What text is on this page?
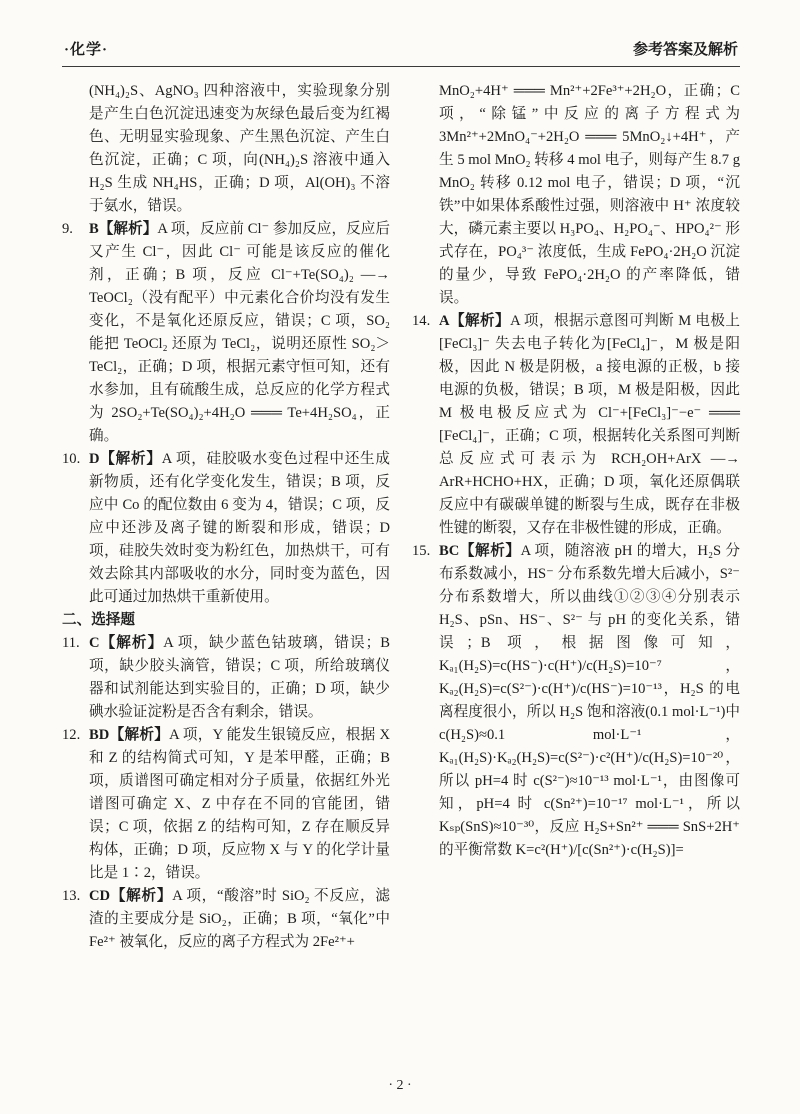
·化学·	参考答案及解析
(NH₄)₂S、AgNO₃ 四种溶液中，实验现象分别是产生白色沉淀迅速变为灰绿色最后变为红褐色、无明显实验现象、产生黑色沉淀、产生白色沉淀，正确；C 项，向(NH₄)₂S 溶液中通入 H₂S 生成 NH₄HS，正确；D 项，Al(OH)₃ 不溶于氨水，错误。
9. B【解析】A 项，反应前 Cl⁻ 参加反应，反应后又产生 Cl⁻，因此 Cl⁻ 可能是该反应的催化剂，正确；B 项，反应 Cl⁻+Te(SO₄)₂ —→ TeOCl₂（没有配平）中元素化合价均没有发生变化，不是氧化还原反应，错误；C 项，SO₂ 能把 TeOCl₂ 还原为 TeCl₂，说明还原性 SO₂＞TeCl₂，正确；D 项，根据元素守恒可知，还有水参加，且有硫酸生成，总反应的化学方程式为 2SO₂+Te(SO₄)₂+4H₂O ═══ Te+4H₂SO₄，正确。
10. D【解析】A 项，硅胶吸水变色过程中还生成新物质，还有化学变化发生，错误；B 项，反应中 Co 的配位数由 6 变为 4，错误；C 项，反应中还涉及离子键的断裂和形成，错误；D 项，硅胶失效时变为粉红色，加热烘干，可有效去除其内部吸收的水分，同时变为蓝色，因此可通过加热烘干重新使用。
二、选择题
11. C【解析】A 项，缺少蓝色钴玻璃，错误；B 项，缺少胶头滴管，错误；C 项，所给玻璃仪器和试剂能达到实验目的，正确；D 项，缺少碘水验证淀粉是否含有剩余，错误。
12. BD【解析】A 项，Y 能发生银镜反应，根据 X 和 Z 的结构简式可知，Y 是苯甲醛，正确；B 项，质谱图可确定相对分子质量，依据红外光谱图可确定 X、Z 中存在不同的官能团，错误；C 项，依据 Z 的结构可知，Z 存在顺反异构体，正确；D 项，反应物 X 与 Y 的化学计量比是 1∶2，错误。
13. CD【解析】A 项，“酸溶”时 SiO₂ 不反应，滤渣的主要成分是 SiO₂，正确；B 项，“氧化”中 Fe²⁺ 被氧化，反应的离子方程式为 2Fe²⁺+
MnO₂+4H⁺ ═══ Mn²⁺+2Fe³⁺+2H₂O，正确；C 项，“除锰”中反应的离子方程式为 3Mn²⁺+2MnO₄⁻+2H₂O ═══ 5MnO₂↓+4H⁺，产生 5 mol MnO₂ 转移 4 mol 电子，则每产生 8.7 g MnO₂ 转移 0.12 mol 电子，错误；D 项，“沉铁”中如果体系酸性过强，则溶液中 H⁺ 浓度较大，磷元素主要以 H₃PO₄、H₂PO₄⁻、HPO₄²⁻ 形式存在，PO₄³⁻ 浓度低，生成 FePO₄·2H₂O 沉淀的量少，导致 FePO₄·2H₂O 的产率降低，错误。
14. A【解析】A 项，根据示意图可判断 M 电极上[FeCl₃]⁻ 失去电子转化为[FeCl₄]⁻，M 极是阳极，因此 N 极是阴极，a 接电源的正极，b 接电源的负极，错误；B 项，M 极是阳极，因此 M 极电极反应式为 Cl⁻+[FeCl₃]⁻−e⁻ ═══ [FeCl₄]⁻，正确；C 项，根据转化关系图可判断总反应式可表示为 RCH₂OH+ArX —→ ArR+HCHO+HX，正确；D 项，氧化还原偶联反应中有碳碳单键的断裂与生成，既存在非极性键的断裂，又存在非极性键的形成，正确。
15. BC【解析】A 项，随溶液 pH 的增大，H₂S 分布系数减小，HS⁻ 分布系数先增大后减小，S²⁻ 分布系数增大，所以曲线①②③④分别表示 H₂S、pSn、HS⁻、S²⁻ 与 pH 的变化关系，错误；B 项，根据图像可知，Kₐ₁(H₂S)=c(HS⁻)·c(H⁺)/c(H₂S)=10⁻⁷，Kₐ₂(H₂S)=c(S²⁻)·c(H⁺)/c(HS⁻)=10⁻¹³，H₂S 的电离程度很小，所以 H₂S 饱和溶液(0.1 mol·L⁻¹)中 c(H₂S)≈0.1 mol·L⁻¹，Kₐ₁(H₂S)·Kₐ₂(H₂S)=c(S²⁻)·c²(H⁺)/c(H₂S)=10⁻²⁰，所以 pH=4 时 c(S²⁻)≈10⁻¹³ mol·L⁻¹，由图像可知，pH=4 时 c(Sn²⁺)=10⁻¹⁷ mol·L⁻¹，所以 Kₛₚ(SnS)≈10⁻³⁰，反应 H₂S+Sn²⁺ ═══ SnS+2H⁺ 的平衡常数 K=c²(H⁺)/[c(Sn²⁺)·c(H₂S)]=
· 2 ·
